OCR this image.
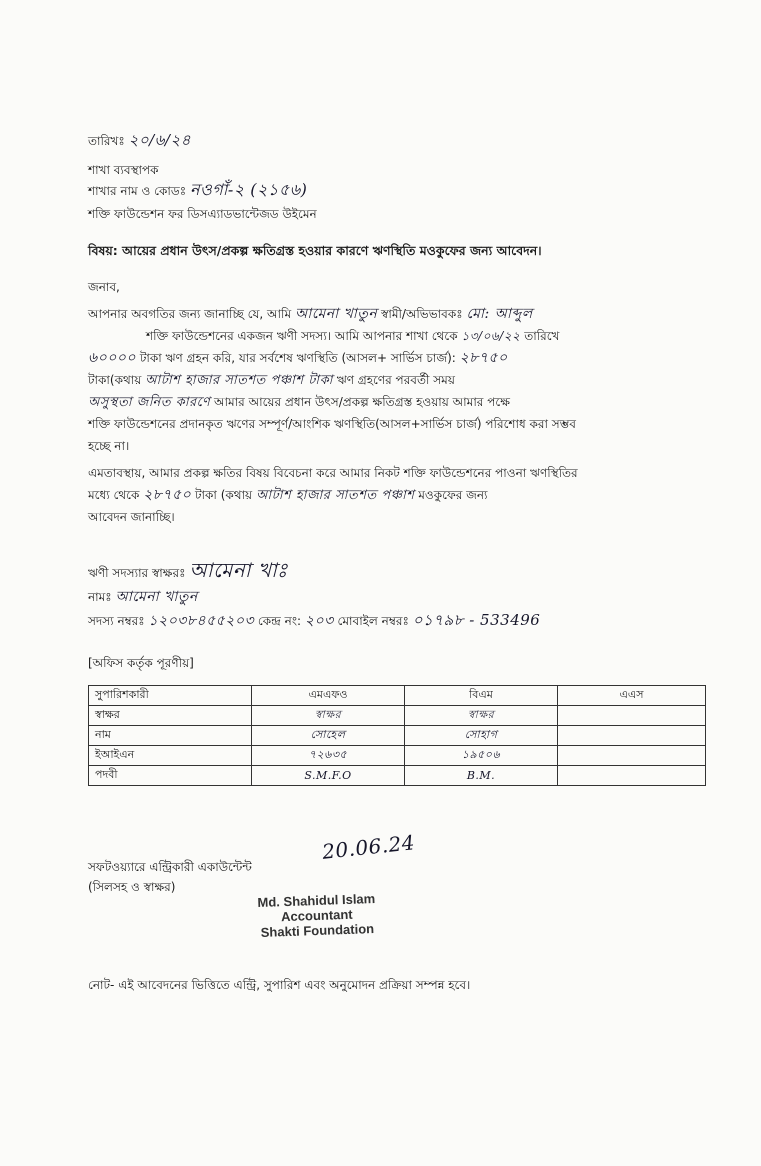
তারিখঃ ২০/৬/২৪
শাখা ব্যবস্থাপক
শাখার নাম ও কোডঃ নওগাঁ-২ (২১৫৬)
শক্তি ফাউন্ডেশন ফর ডিসএ্যাডভান্টেজড উইমেন
বিষয়: আয়ের প্রধান উৎস/প্রকল্প ক্ষতিগ্রস্ত হওয়ার কারণে ঋণস্থিতি মওকুফের জন্য আবেদন।
জনাব,
আপনার অবগতির জন্য জানাচ্ছি যে, আমি আমেনা খাতুন স্বামী/অভিভাবকঃ মো: আব্দুল
শক্তি ফাউন্ডেশনের একজন ঋণী সদস্য। আমি আপনার শাখা থেকে ১৩/০৬/২২ তারিখে
৬০০০০ টাকা ঋণ গ্রহন করি, যার সর্বশেষ ঋণস্থিতি (আসল+ সার্ভিস চার্জ): ২৮৭৫০
টাকা(কথায় আটাশ হাজার সাতশত পঞ্চাশ টাকা ঋণ গ্রহণের পরবর্তী সময়
অসুস্থতা জনিত কারণে আমার আয়ের প্রধান উৎস/প্রকল্প ক্ষতিগ্রস্ত হওয়ায় আমার পক্ষে
শক্তি ফাউন্ডেশনের প্রদানকৃত ঋণের সম্পূর্ণ/আংশিক ঋণস্থিতি(আসল+সার্ভিস চার্জ) পরিশোধ করা সম্ভব
হচ্ছে না।
এমতাবস্থায়, আমার প্রকল্প ক্ষতির বিষয় বিবেচনা করে আমার নিকট শক্তি ফাউন্ডেশনের পাওনা ঋণস্থিতির
মধ্যে থেকে ২৮৭৫০ টাকা (কথায় আটাশ হাজার সাতশত পঞ্চাশ মওকুফের জন্য
আবেদন জানাচ্ছি।
ঋণী সদস্যার স্বাক্ষরঃ আমেনা খাঃ
নামঃ আমেনা খাতুন
সদস্য নম্বরঃ ১২০৩৮৪৫৫২০৩ কেন্দ্র নং: ২০৩ মোবাইল নম্বরঃ ০১৭৯৮ - 533496
[অফিস কর্তৃক পূরণীয়]
সুপারিশকারী	এমএফও	বিএম	এএস
স্বাক্ষর	স্বাক্ষর	স্বাক্ষর	
নাম	সোহেল	সোহাগ	
ইআইএন	৭২৬৩৫	১৯৫০৬	
পদবী	S.M.F.O	B.M.	
সফটওয়্যারে এন্ট্রিকারী একাউন্টেন্ট
(সিলসহ ও স্বাক্ষর)
20.06.24
Md. Shahidul Islam
Accountant
Shakti Foundation
নোট- এই আবেদনের ভিত্তিতে এন্ট্রি, সুপারিশ এবং অনুমোদন প্রক্রিয়া সম্পন্ন হবে।
